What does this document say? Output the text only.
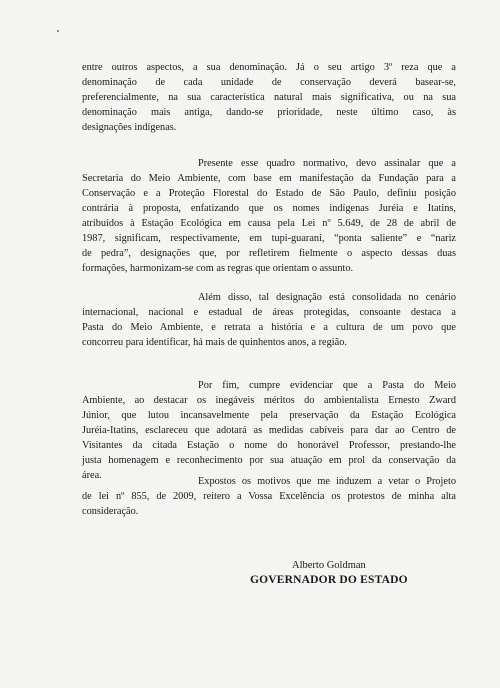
entre outros aspectos, a sua denominação. Já o seu artigo 3º reza que a
denominação de cada unidade de conservação deverá basear-se,
preferencialmente, na sua característica natural mais significativa, ou na sua
denominação mais antiga, dando-se prioridade, neste último caso, às
designações indígenas.
Presente esse quadro normativo, devo assinalar que a
Secretaria do Meio Ambiente, com base em manifestação da Fundação para a
Conservação e a Proteção Florestal do Estado de São Paulo, definiu posição
contrária à proposta, enfatizando que os nomes indígenas Juréia e Itatins,
atribuídos à Estação Ecológica em causa pela Lei nº 5.649, de 28 de abril de
1987, significam, respectivamente, em tupi-guarani, “ponta saliente” e “nariz
de pedra”, designações que, por refletirem fielmente o aspecto dessas duas
formações, harmonizam-se com as regras que orientam o assunto.
Além disso, tal designação está consolidada no cenário
internacional, nacional e estadual de áreas protegidas, consoante destaca a
Pasta do Meio Ambiente, e retrata a história e a cultura de um povo que
concorreu para identificar, há mais de quinhentos anos, a região.
Por fim, cumpre evidenciar que a Pasta do Meio
Ambiente, ao destacar os inegáveis méritos do ambientalista Ernesto Zward
Júnior, que lutou incansavelmente pela preservação da Estação Ecológica
Juréia-Itatins, esclareceu que adotará as medidas cabíveis para dar ao Centro de
Visitantes da citada Estação o nome do honorável Professor, prestando-lhe
justa homenagem e reconhecimento por sua atuação em prol da conservação da
área.
Expostos os motivos que me induzem a vetar o Projeto
de lei nº 855, de 2009, reitero a Vossa Excelência os protestos de minha alta
consideração.
Alberto Goldman
GOVERNADOR DO ESTADO
